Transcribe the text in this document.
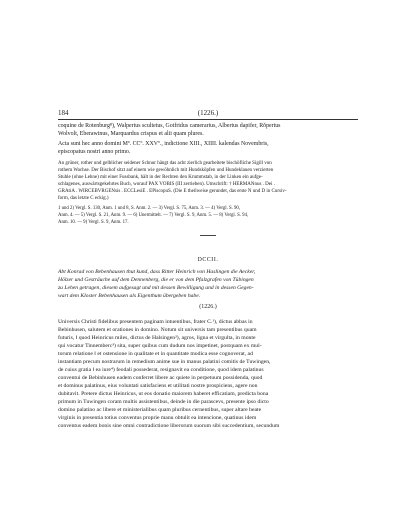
184	(1226.)
coquine de Rotenburg⁸), Walpertus scultetus, Gotfridus camerarius, Albertus dapifer, Rŏpertus
Wolvolt, Eberawinus, Marquardus crispus et alii quam plures.
Acta sunt hec anno domini Mº. CCº. XXVº., indictione XIII., XIIII. kalendas Novembris,
episcopatus nostri anno primo.
An grüner, rother und gelblicher seidener Schnur hängt das acht zierlich gearbeitete bischöfliche Sigill von
rothem Wachse. Der Bischof sitzt auf einem wie gewöhnlich mit Hundsköpfen und Hundeklauen verzierten
Stuhle (ohne Lehne) mit einer Fussbank, hält in der Rechten den Krummstab, in der Linken ein aufge-
schlagenes, auswärtsgekehrtes Buch, worauf PAX VOBIS (III zerrieben). Umschrift: † HERMANnus . Dei .
GRAtiA . WIRCEBVRGENsis . ECCLesiE . EPiscopuS. (Die E theilweise gerundet, das erste N und D in Cursiv-
form, das letzte C eckig.)
1 und 2) Vergl. S. 130, Anm. 1 und 8, S. Anm. 2. — 3) Vergl. S. 75, Anm. 3. — 4) Vergl. S. 90,
Anm. 4. — 5) Vergl. S. 21, Anm. 9. — 6) Unermittelt. — 7) Vergl. S. 9, Anm. 5. — 8) Vergl. S. 94,
Anm. 10. — 9) Vergl. S. 9, Anm. 17.
DCCII.
Abt Konrad von Bebenhausen thut kund, dass Ritter Heinrich von Haslingen die Aecker,
Hölzer und Gesträuche auf dem Dennenberg, die er von dem Pfalzgrafen von Tübingen
zu Lehen getragen, diesem aufgesagt und mit dessen Bewilligung und in dessen Gegen-
wart dem Kloster Bebenhausen als Eigenthum übergeben habe.
(1226.)
Universis Christi fidelibus presentem paginam intuentibus, frater C.¹), dictus abbas in
Bebinhusen, salutem et orationes in domino. Notum sit universis tam presentibus quam
futuris, ‖ quod Heinricus miles, dictus de Halsingen²), agros, ligna et virgulta, in monte
qui vocatur Tinnemberc³) sita, super quibus cum dudum nos impetinet, postquam ex mul-
torum relatione ‖ et ostensione in qualitate et in quantitate modica esse cognoverat, ad
instantiam precum nostrarum in remedium anime sue in manus palatini comitis de Tuwingen,
de cuius gratia ‖ ea iure⁴) feodali possederat, resignavit ea conditione, quod idem palatinus
conventui de Bebinhusen eadem conferret libere ac quiete in perpetuum possidenda, quod
et dominus palatinus, eius voluntati satisfaciens et utilitati nostre prospiciens, agere non
dubitavit. Pretere dictus Heinricus, ut eos donatio maiorem haberet efficatiam, predicta bona
primum in Tuwingen coram multis assistentibus, deinde in die parascevs, presente ipso dicto
domino palatino ac libere et ministerialibus quam pluribus cernentibus, super altare beate
virginis in presentia totius conventus proprie manu obtulit ea intencione, quatinus idem
conventus eadem bonis sine omni contradictione liberorum suorum sibi succedentium, secundum
